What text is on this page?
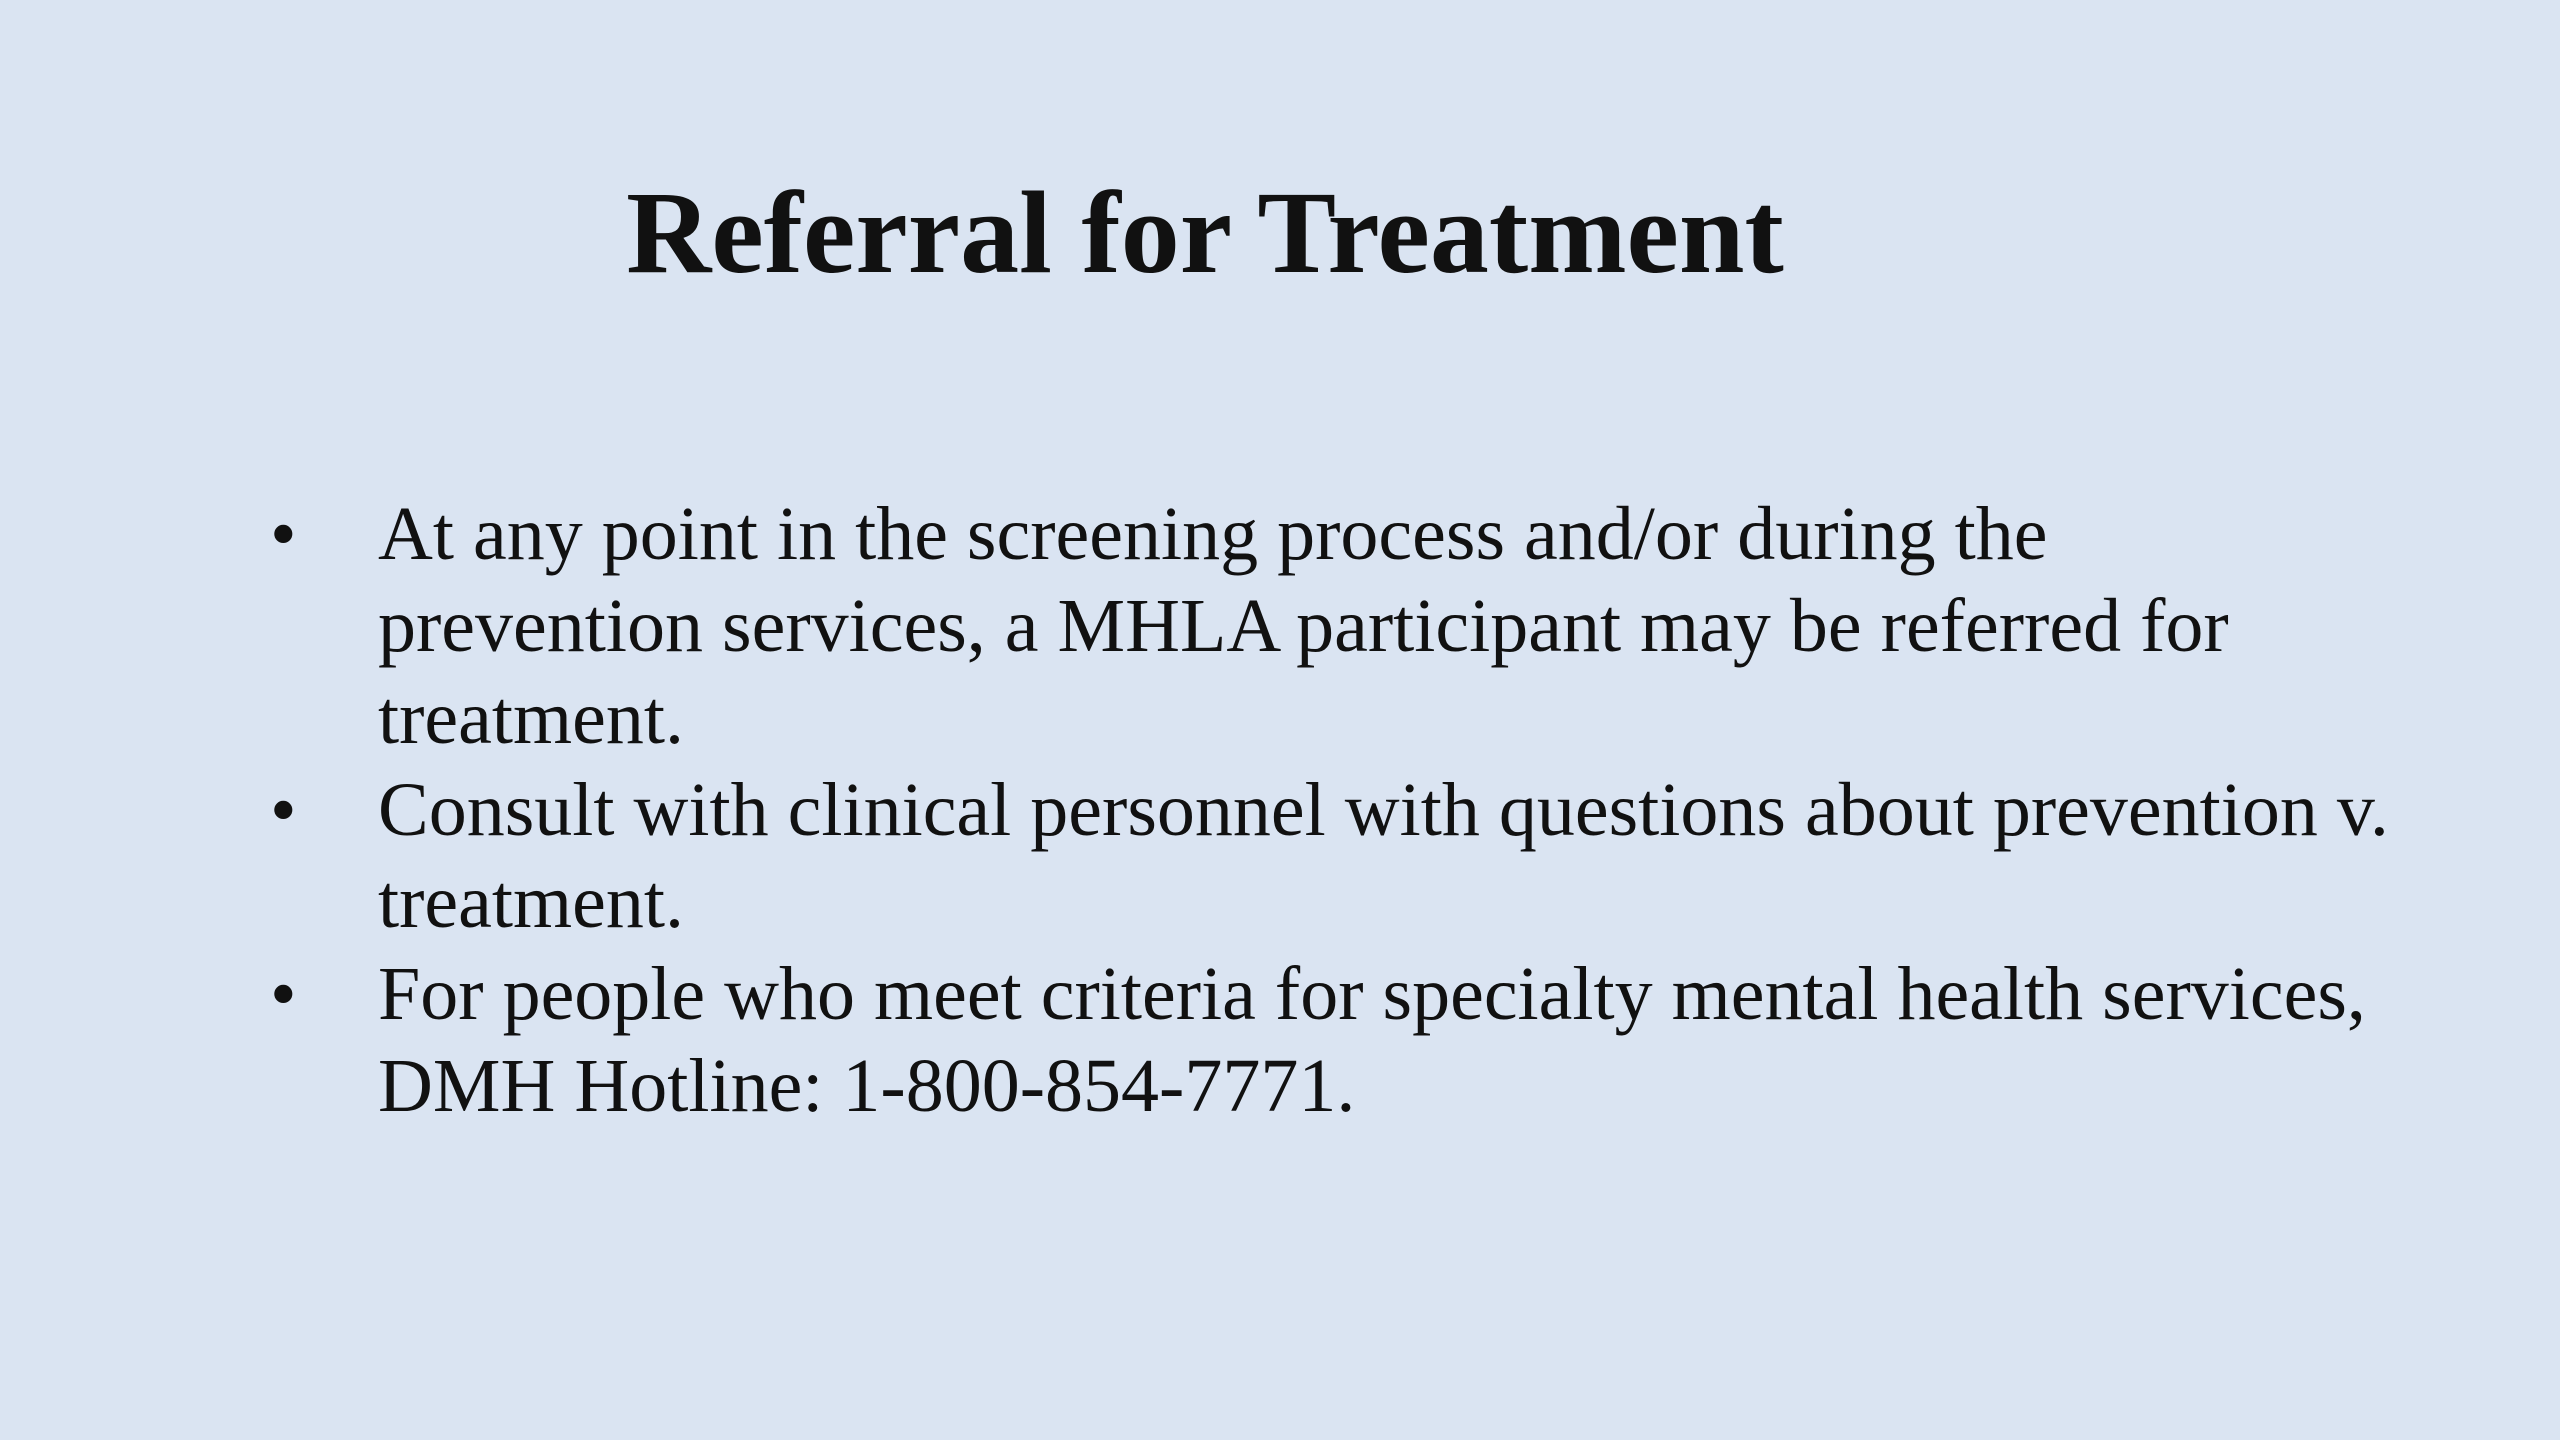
Referral for Treatment
•	At any point in the screening process and/or during the prevention services, a MHLA participant may be referred for treatment.
•	Consult with clinical personnel with questions about prevention v. treatment.
•	For people who meet criteria for specialty mental health services, DMH Hotline: 1-800-854-7771.
